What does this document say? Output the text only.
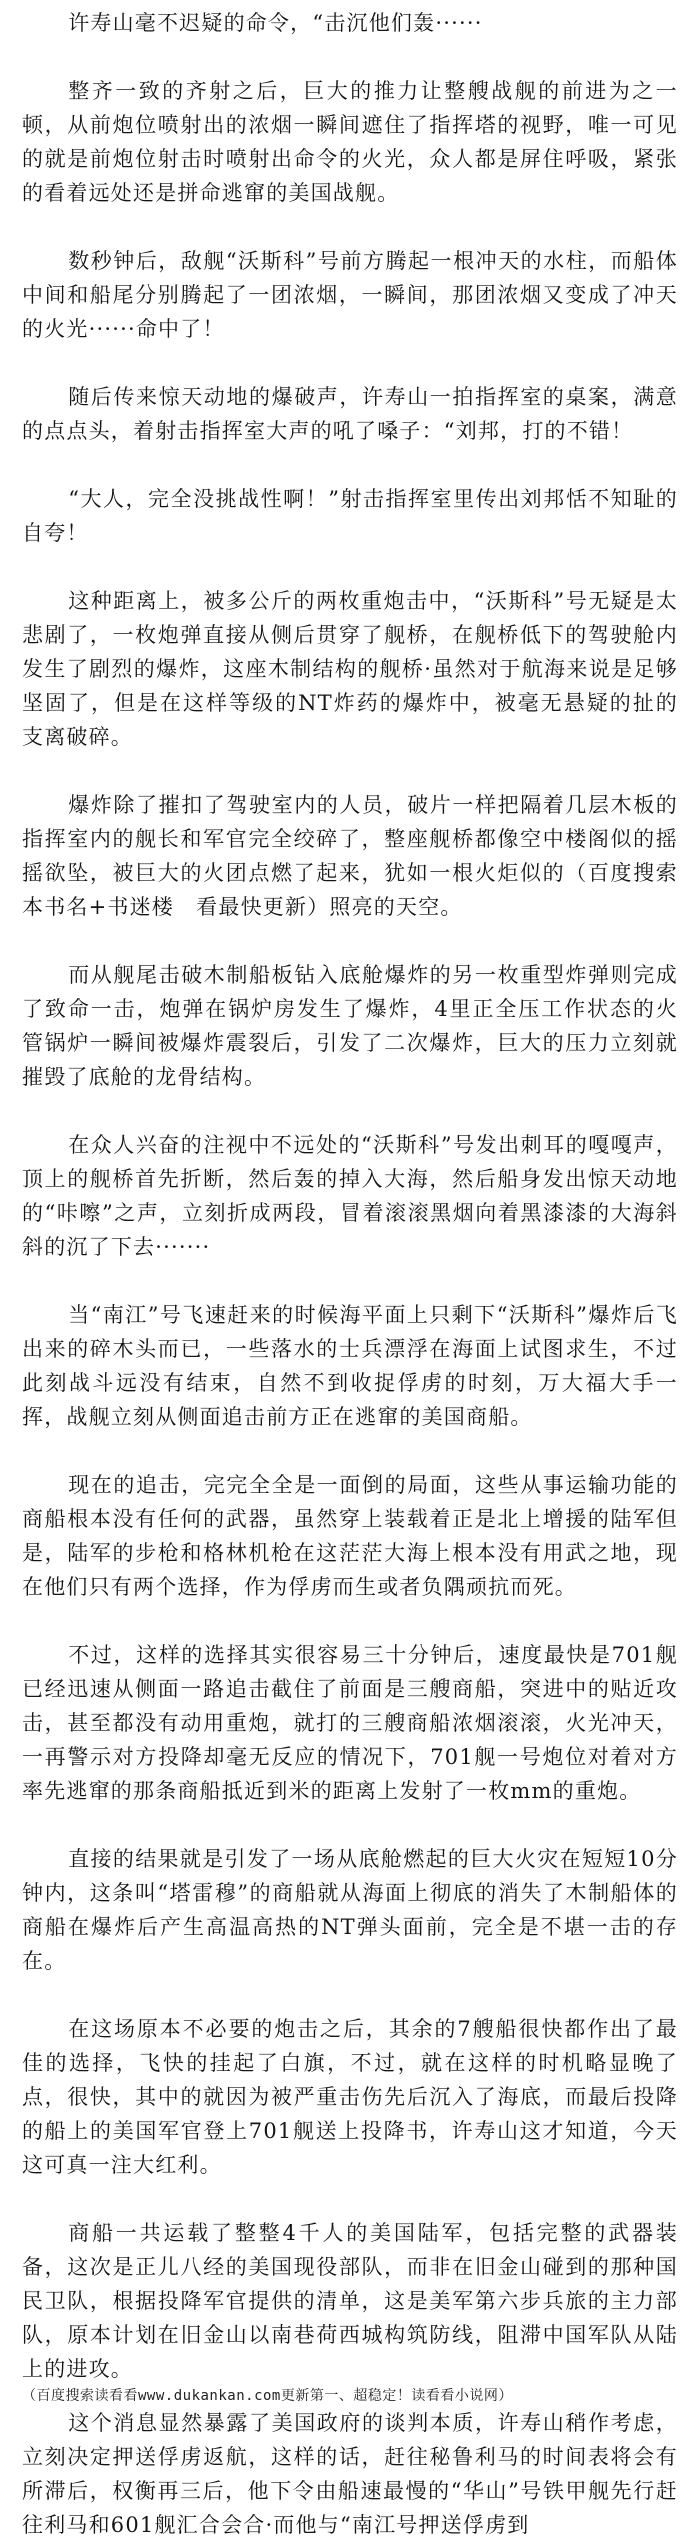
许寿山毫不迟疑的命令，“击沉他们轰······

整齐一致的齐射之后，巨大的推力让整艘战舰的前进为之一顿，从前炮位喷射出的浓烟一瞬间遮住了指挥塔的视野，唯一可见的就是前炮位射击时喷射出命令的火光，众人都是屏住呼吸，紧张的看着远处还是拼命逃窜的美国战舰。

数秒钟后，敌舰“沃斯科”号前方腾起一根冲天的水柱，而船体中间和船尾分别腾起了一团浓烟，一瞬间，那团浓烟又变成了冲天的火光······命中了！

随后传来惊天动地的爆破声，许寿山一拍指挥室的桌案，满意的点点头，着射击指挥室大声的吼了嗓子：“刘邦，打的不错！

“大人，完全没挑战性啊！”射击指挥室里传出刘邦恬不知耻的自夸！

这种距离上，被多公斤的两枚重炮击中，“沃斯科”号无疑是太悲剧了，一枚炮弹直接从侧后贯穿了舰桥，在舰桥低下的驾驶舱内发生了剧烈的爆炸，这座木制结构的舰桥·虽然对于航海来说是足够坚固了，但是在这样等级的NT炸药的爆炸中，被毫无悬疑的扯的支离破碎。

爆炸除了摧扣了驾驶室内的人员，破片一样把隔着几层木板的指挥室内的舰长和军官完全绞碎了，整座舰桥都像空中楼阁似的摇摇欲坠，被巨大的火团点燃了起来，犹如一根火炬似的（百度搜索本书名+书迷楼　看最快更新）照亮的天空。

而从舰尾击破木制船板钻入底舱爆炸的另一枚重型炸弹则完成了致命一击，炮弹在锅炉房发生了爆炸，4里正全压工作状态的火管锅炉一瞬间被爆炸震裂后，引发了二次爆炸，巨大的压力立刻就摧毁了底舱的龙骨结构。

在众人兴奋的注视中不远处的“沃斯科”号发出刺耳的嘎嘎声，顶上的舰桥首先折断，然后轰的掉入大海，然后船身发出惊天动地的“咔嚓”之声，立刻折成两段，冒着滚滚黑烟向着黑漆漆的大海斜斜的沉了下去·······

当“南江”号飞速赶来的时候海平面上只剩下“沃斯科”爆炸后飞出来的碎木头而已，一些落水的士兵漂浮在海面上试图求生，不过此刻战斗远没有结束，自然不到收捉俘虏的时刻，万大福大手一挥，战舰立刻从侧面追击前方正在逃窜的美国商船。

现在的追击，完完全全是一面倒的局面，这些从事运输功能的商船根本没有任何的武器，虽然穿上装载着正是北上增援的陆军但是，陆军的步枪和格林机枪在这茫茫大海上根本没有用武之地，现在他们只有两个选择，作为俘虏而生或者负隅顽抗而死。

不过，这样的选择其实很容易三十分钟后，速度最快是701舰已经迅速从侧面一路追击截住了前面是三艘商船，突进中的贴近攻击，甚至都没有动用重炮，就打的三艘商船浓烟滚滚，火光冲天，一再警示对方投降却毫无反应的情况下，701舰一号炮位对着对方率先逃窜的那条商船抵近到米的距离上发射了一枚mm的重炮。

直接的结果就是引发了一场从底舱燃起的巨大火灾在短短10分钟内，这条叫“塔雷穆”的商船就从海面上彻底的消失了木制船体的商船在爆炸后产生高温高热的NT弹头面前，完全是不堪一击的存在。

在这场原本不必要的炮击之后，其余的7艘船很快都作出了最佳的选择，飞快的挂起了白旗，不过，就在这样的时机略显晚了点，很快，其中的就因为被严重击伤先后沉入了海底，而最后投降的船上的美国军官登上701舰送上投降书，许寿山这才知道，今天这可真一注大红利。

商船一共运载了整整4千人的美国陆军，包括完整的武器装备，这次是正儿八经的美国现役部队，而非在旧金山碰到的那种国民卫队，根据投降军官提供的清单，这是美军第六步兵旅的主力部队，原本计划在旧金山以南巷荷西城构筑防线，阻滞中国军队从陆上的进攻。

（百度搜索读看看www.dukankan.com更新第一、超稳定！读看看小说网）

这个消息显然暴露了美国政府的谈判本质，许寿山稍作考虑，立刻决定押送俘虏返航，这样的话，赶往秘鲁利马的时间表将会有所滞后，权衡再三后，他下令由船速最慢的“华山”号铁甲舰先行赶往利马和601舰汇合会合·而他与“南江号押送俘虏到
